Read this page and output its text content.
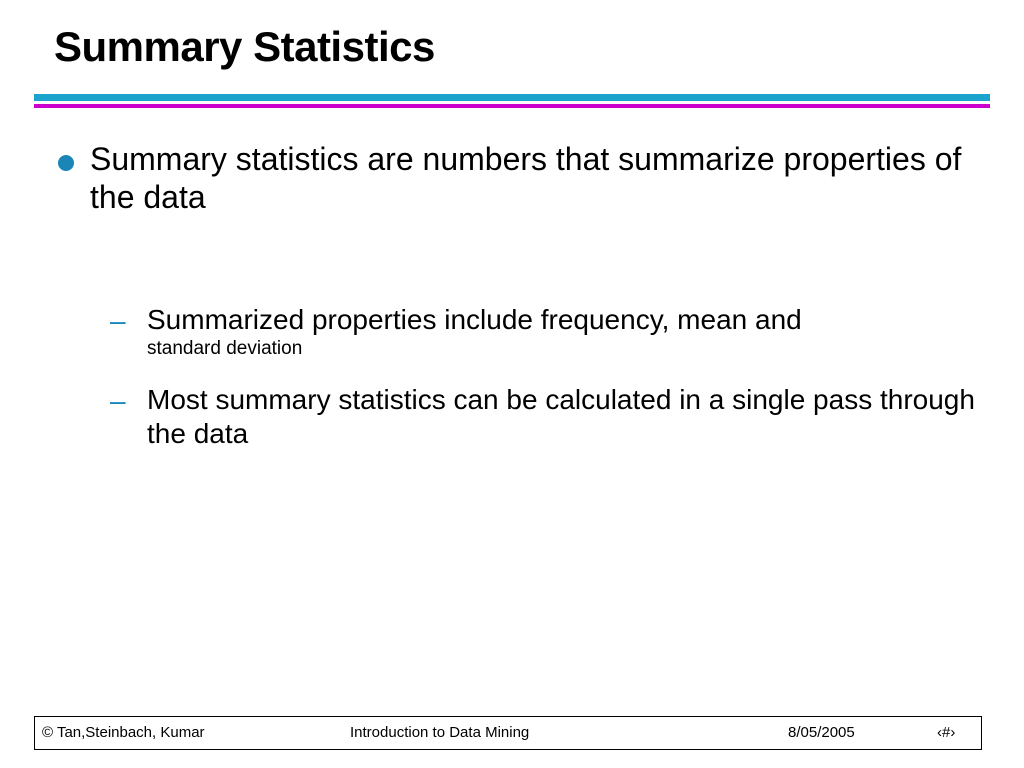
Summary Statistics
Summary statistics are numbers that summarize properties of the data
– Summarized properties include frequency, mean and
standard deviation
– Most summary statistics can be calculated in a single pass through the data
© Tan,Steinbach, Kumar	Introduction to Data Mining	8/05/2005	‹#›
